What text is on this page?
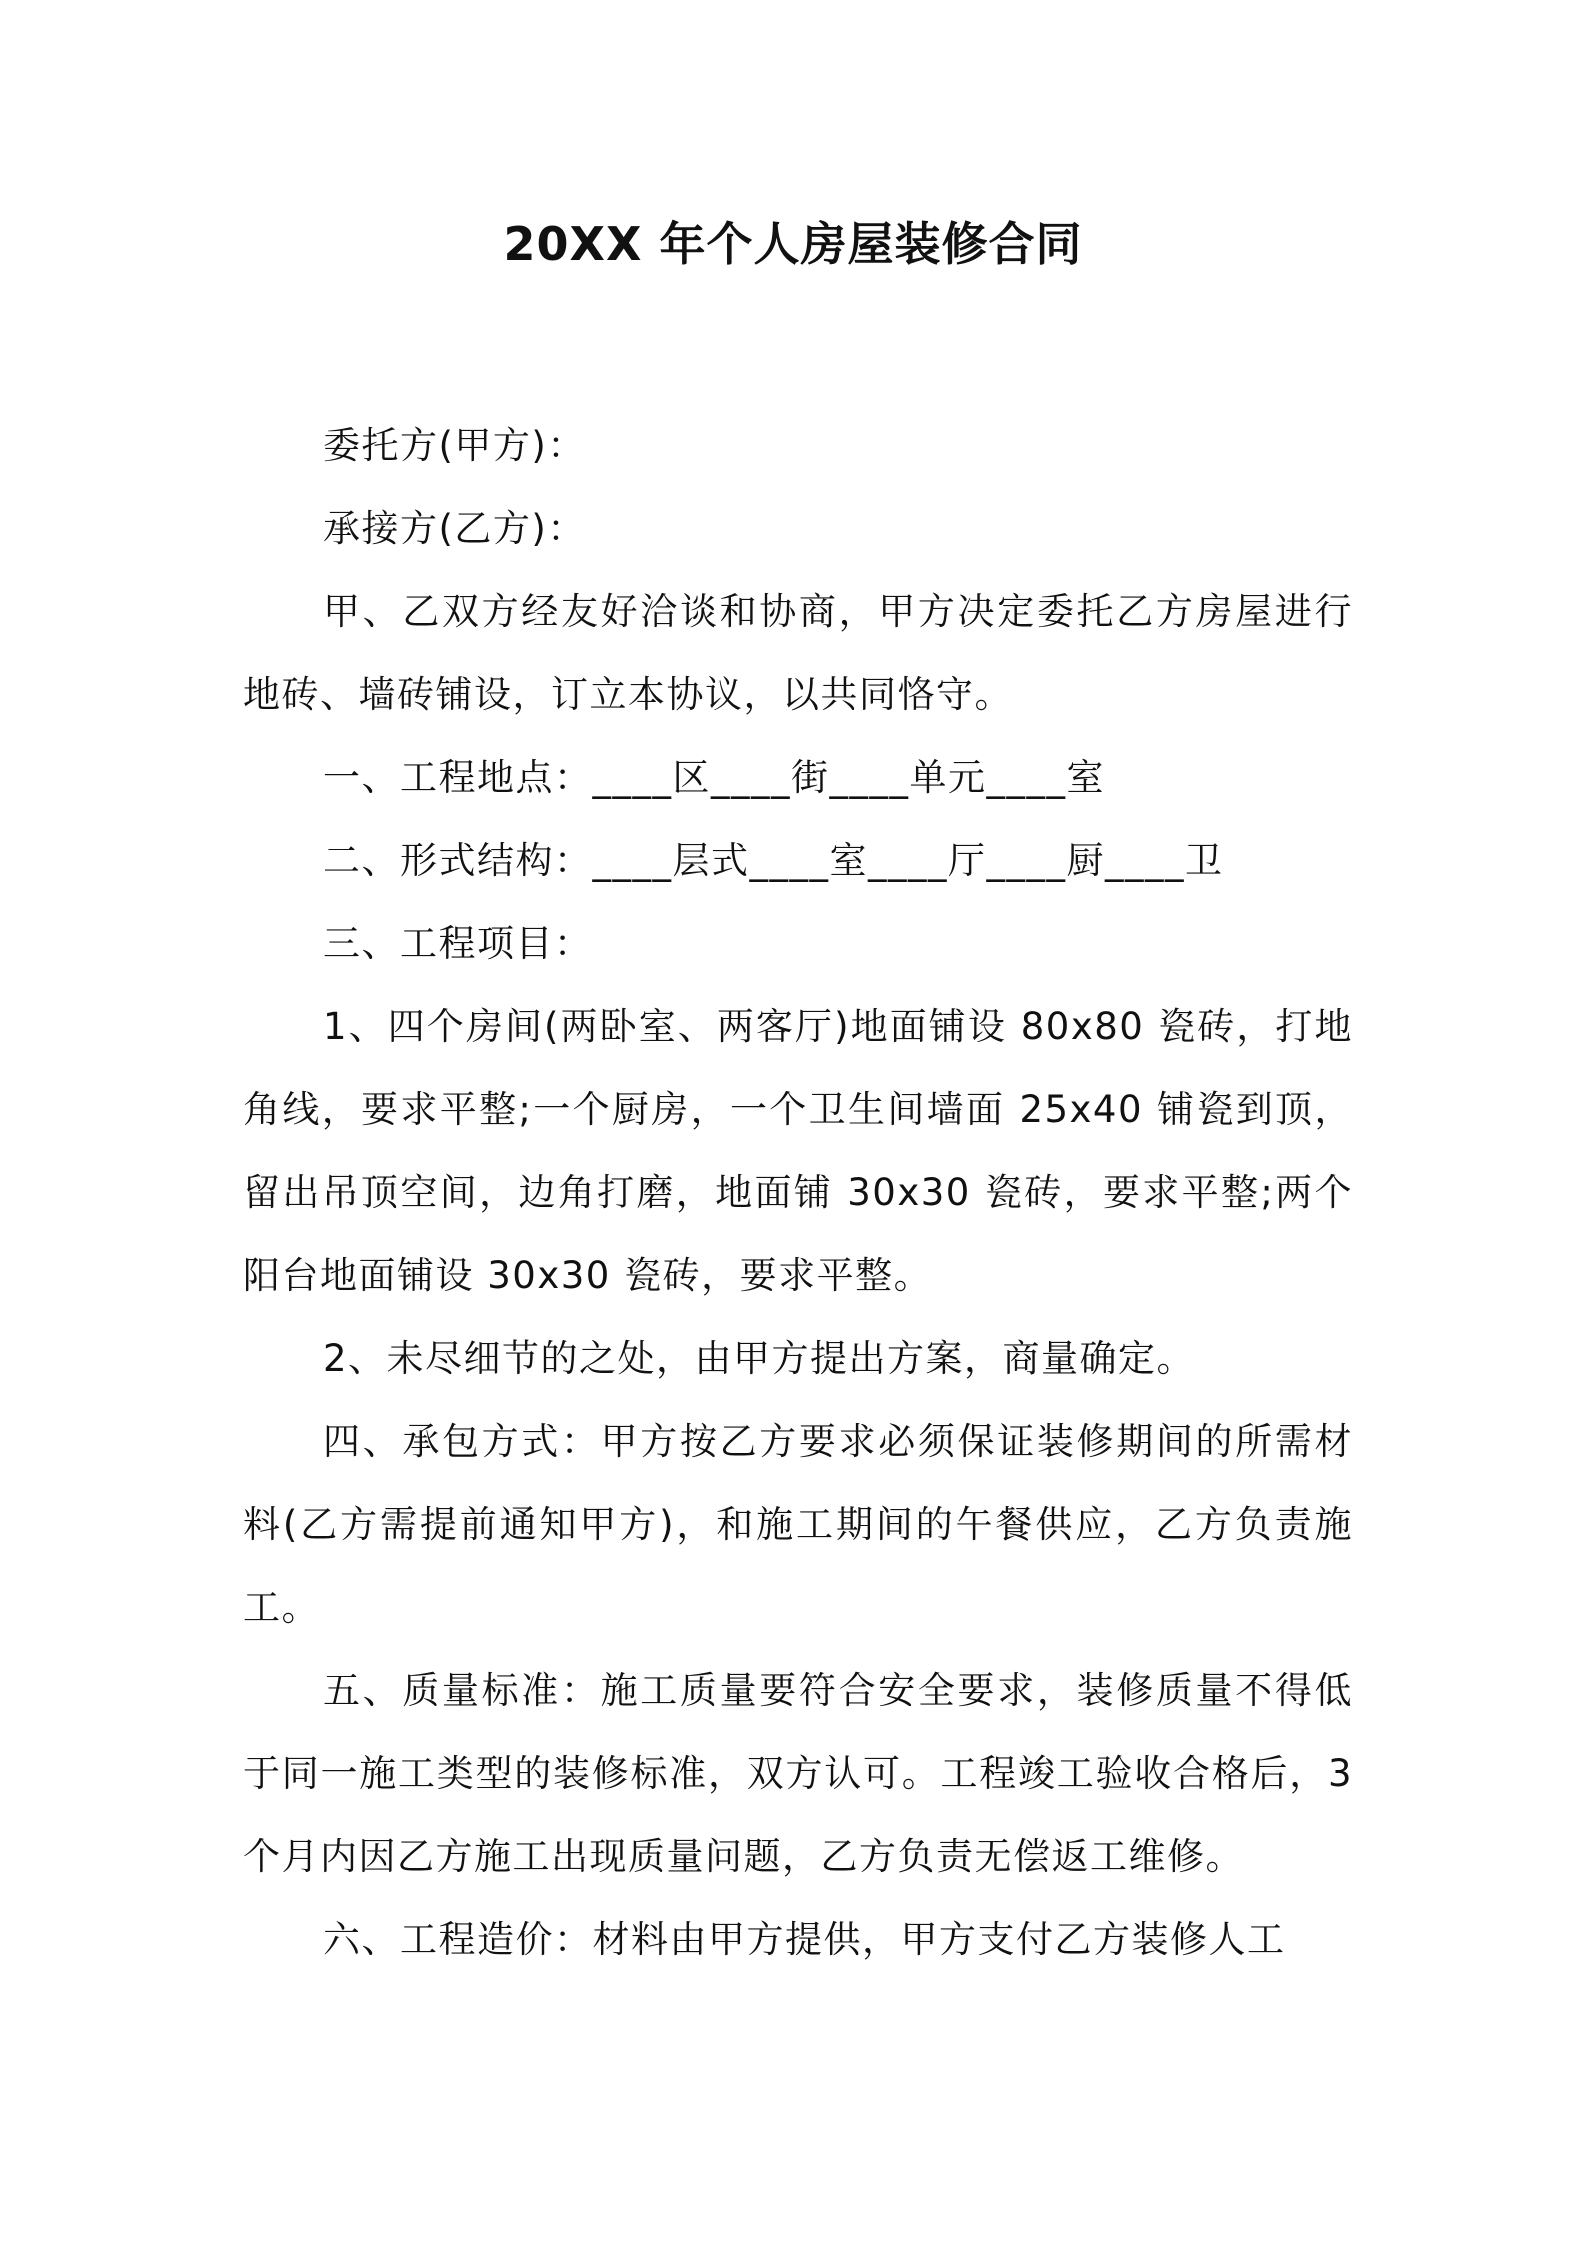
20XX 年个人房屋装修合同

委托方(甲方)：

承接方(乙方)：

甲、乙双方经友好洽谈和协商，甲方决定委托乙方房屋进行地砖、墙砖铺设，订立本协议，以共同恪守。

一、工程地点：____区____街____单元____室

二、形式结构：____层式____室____厅____厨____卫

三、工程项目：

1、四个房间(两卧室、两客厅)地面铺设 80x80 瓷砖，打地角线，要求平整;一个厨房，一个卫生间墙面 25x40 铺瓷到顶，留出吊顶空间，边角打磨，地面铺 30x30 瓷砖，要求平整;两个阳台地面铺设 30x30 瓷砖，要求平整。

2、未尽细节的之处，由甲方提出方案，商量确定。

四、承包方式：甲方按乙方要求必须保证装修期间的所需材料(乙方需提前通知甲方)，和施工期间的午餐供应，乙方负责施工。

五、质量标准：施工质量要符合安全要求，装修质量不得低于同一施工类型的装修标准，双方认可。工程竣工验收合格后，3 个月内因乙方施工出现质量问题，乙方负责无偿返工维修。

六、工程造价：材料由甲方提供，甲方支付乙方装修人工
